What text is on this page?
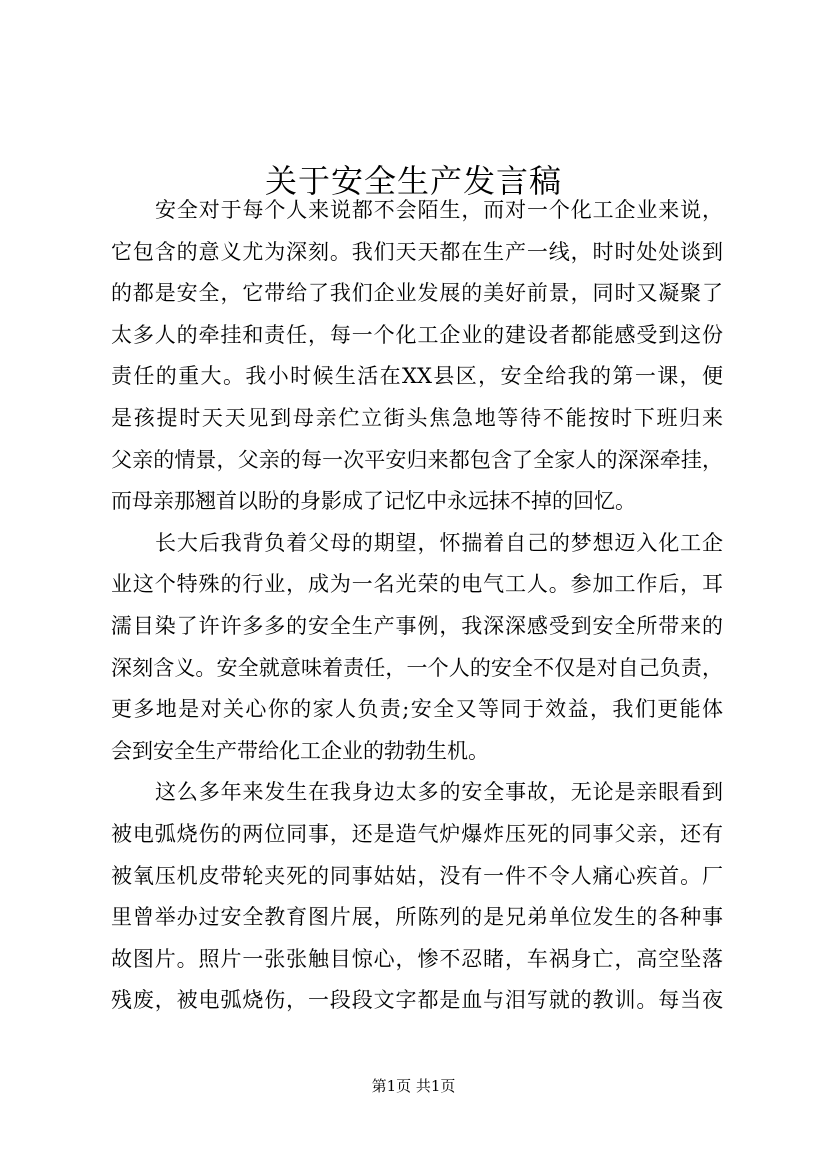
关于安全生产发言稿
安全对于每个人来说都不会陌生，而对一个化工企业来说，
它包含的意义尤为深刻。我们天天都在生产一线，时时处处谈到
的都是安全，它带给了我们企业发展的美好前景，同时又凝聚了
太多人的牵挂和责任，每一个化工企业的建设者都能感受到这份
责任的重大。我小时候生活在XX县区，安全给我的第一课，便
是孩提时天天见到母亲伫立街头焦急地等待不能按时下班归来
父亲的情景，父亲的每一次平安归来都包含了全家人的深深牵挂，
而母亲那翘首以盼的身影成了记忆中永远抹不掉的回忆。
长大后我背负着父母的期望，怀揣着自己的梦想迈入化工企
业这个特殊的行业，成为一名光荣的电气工人。参加工作后，耳
濡目染了许许多多的安全生产事例，我深深感受到安全所带来的
深刻含义。安全就意味着责任，一个人的安全不仅是对自己负责，
更多地是对关心你的家人负责;安全又等同于效益，我们更能体
会到安全生产带给化工企业的勃勃生机。
这么多年来发生在我身边太多的安全事故，无论是亲眼看到
被电弧烧伤的两位同事，还是造气炉爆炸压死的同事父亲，还有
被氧压机皮带轮夹死的同事姑姑，没有一件不令人痛心疾首。厂
里曾举办过安全教育图片展，所陈列的是兄弟单位发生的各种事
故图片。照片一张张触目惊心，惨不忍睹，车祸身亡，高空坠落
残废，被电弧烧伤，一段段文字都是血与泪写就的教训。每当夜
第1页 共1页
